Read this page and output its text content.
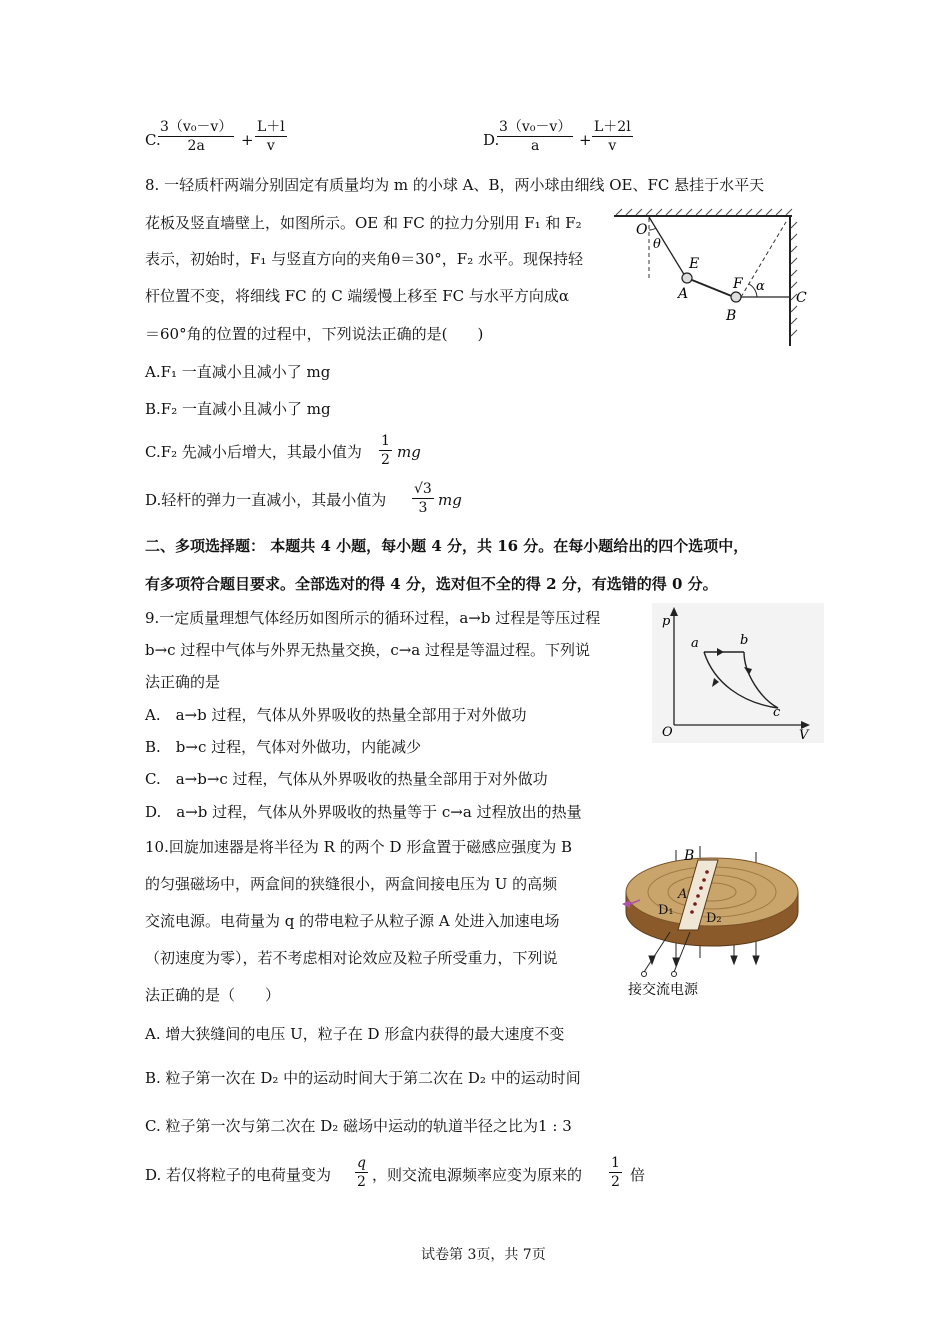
C.
$\frac{\text{3（v₀－v）}}{2a} + \frac{L+l}{v}$	D.
$\frac{\text{3（v₀－v）}}{a} + \frac{L+2l}{v}$
8. 一轻质杆两端分别固定有质量均为 m 的小球 A、B，两小球由细线 OE、FC 悬挂于水平天
花板及竖直墙壁上，如图所示。OE 和 FC 的拉力分别用 F₁ 和 F₂
表示，初始时，F₁ 与竖直方向的夹角θ＝30°，F₂ 水平。现保持轻
杆位置不变，将细线 FC 的 C 端缓慢上移至 FC 与水平方向成α
＝60°角的位置的过程中，下列说法正确的是(　　)
A.F₁ 一直减小且减小了 mg
B.F₂ 一直减小且减小了 mg
C.F₂ 先减小后增大，其最小值为 $\frac{1}{2}$ mg
D.轻杆的弹力一直减小，其最小值为 $\frac{√3}{3}$ mg
O
θ
E
A
F α
B
C
二、多项选择题： 本题共 4 小题，每小题 4 分，共 16 分。在每小题给出的四个选项中，
有多项符合题目要求。全部选对的得 4 分，选对但不全的得 2 分，有选错的得 0 分。
9.一定质量理想气体经历如图所示的循环过程，a→b 过程是等压过程
b→c 过程中气体与外界无热量交换，c→a 过程是等温过程。下列说
法正确的是
A.　a→b 过程，气体从外界吸收的热量全部用于对外做功
B.　b→c 过程，气体对外做功，内能减少
C.　a→b→c 过程，气体从外界吸收的热量全部用于对外做功
D.　a→b 过程，气体从外界吸收的热量等于 c→a 过程放出的热量
p
V
O
a	b
c
10.回旋加速器是将半径为 R 的两个 D 形盒置于磁感应强度为 B
的匀强磁场中，两盒间的狭缝很小，两盒间接电压为 U 的高频
交流电源。电荷量为 q 的带电粒子从粒子源 A 处进入加速电场
（初速度为零），若不考虑相对论效应及粒子所受重力，下列说
法正确的是（　　）
A. 增大狭缝间的电压 U，粒子在 D 形盒内获得的最大速度不变
B. 粒子第一次在 D₂ 中的运动时间大于第二次在 D₂ 中的运动时间
C. 粒子第一次与第二次在 D₂ 磁场中运动的轨道半径之比为1 : 3
D. 若仅将粒子的电荷量变为 $\frac{q}{2}$ ，则交流电源频率应变为原来的 $\frac{1}{2}$ 倍
B
A
D₁
D₂
接交流电源
试卷第 3页，共 7页
